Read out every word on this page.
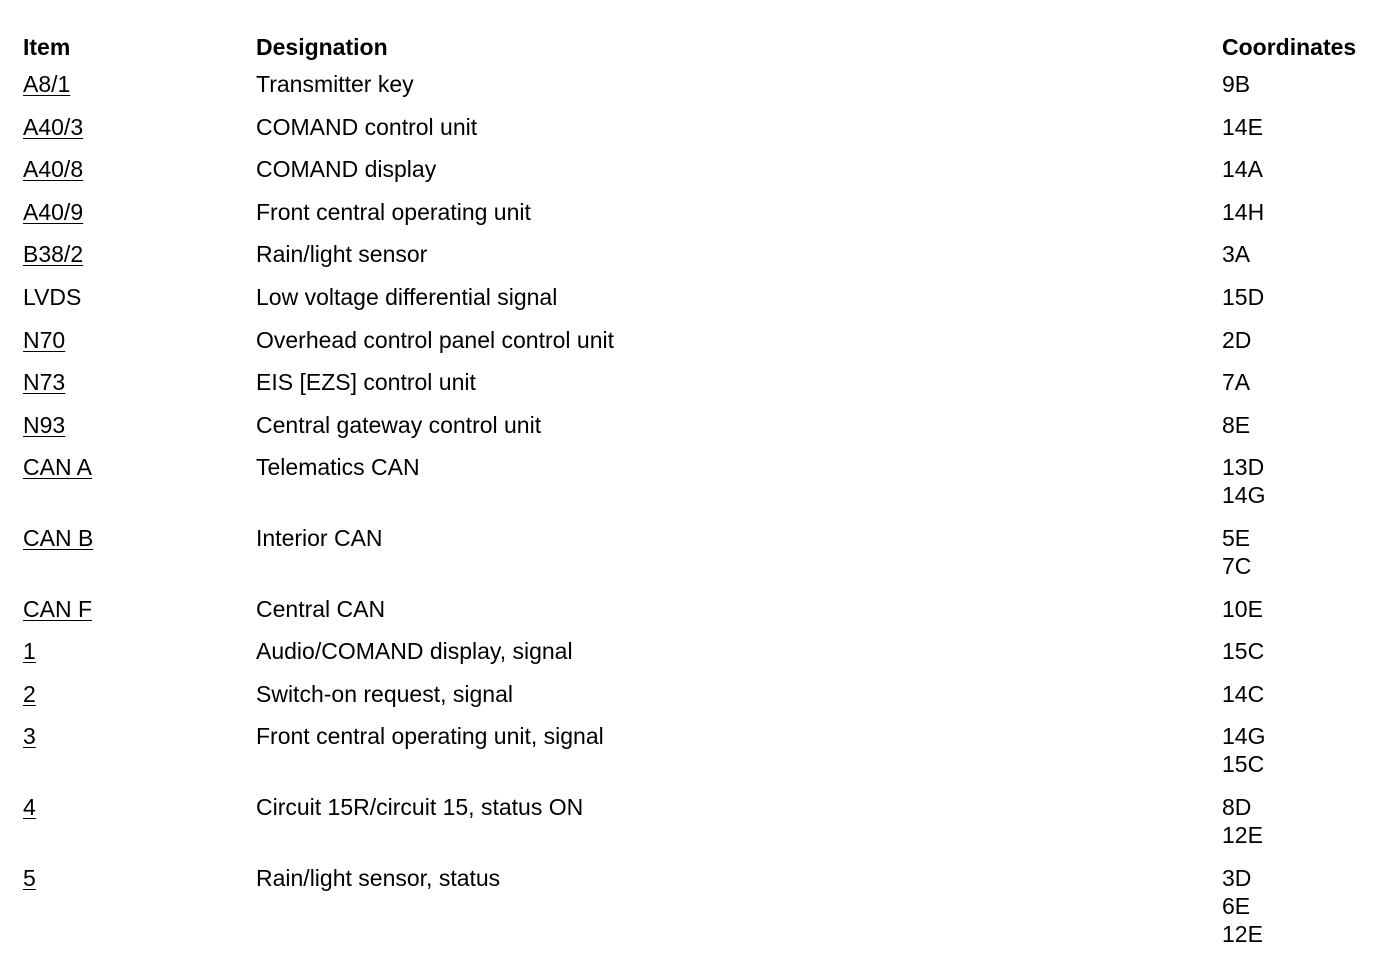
Item	Designation	Coordinates
A8/1	Transmitter key	9B
A40/3	COMAND control unit	14E
A40/8	COMAND display	14A
A40/9	Front central operating unit	14H
B38/2	Rain/light sensor	3A
LVDS	Low voltage differential signal	15D
N70	Overhead control panel control unit	2D
N73	EIS [EZS] control unit	7A
N93	Central gateway control unit	8E
CAN A	Telematics CAN	13D
14G
CAN B	Interior CAN	5E
7C
CAN F	Central CAN	10E
1	Audio/COMAND display, signal	15C
2	Switch-on request, signal	14C
3	Front central operating unit, signal	14G
15C
4	Circuit 15R/circuit 15, status ON	8D
12E
5	Rain/light sensor, status	3D
6E
12E
